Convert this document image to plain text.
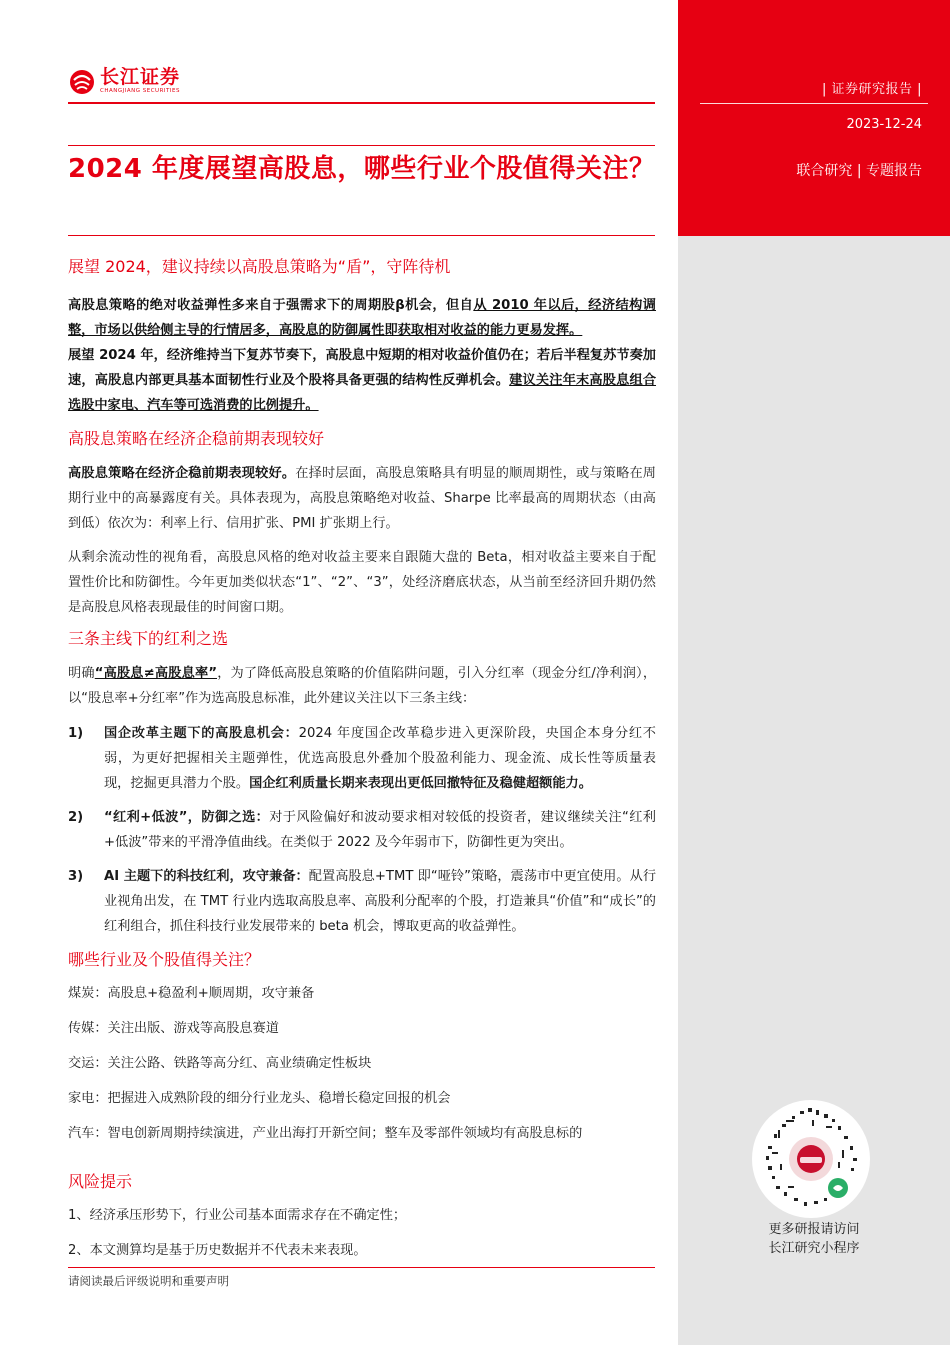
| 证券研究报告 |
2023-12-24
联合研究 | 专题报告
更多研报请访问
长江研究小程序
长江证券
CHANGJIANG SECURITIES
2024 年度展望高股息，哪些行业个股值得关注？
展望 2024，建议持续以高股息策略为“盾”，守阵待机

高股息策略的绝对收益弹性多来自于强需求下的周期股β机会，但自从 2010 年以后，经济结构调整，市场以供给侧主导的行情居多，高股息的防御属性即获取相对收益的能力更易发挥。

展望 2024 年，经济维持当下复苏节奏下，高股息中短期的相对收益价值仍在；若后半程复苏节奏加速，高股息内部更具基本面韧性行业及个股将具备更强的结构性反弹机会。建议关注年末高股息组合选股中家电、汽车等可选消费的比例提升。

高股息策略在经济企稳前期表现较好

高股息策略在经济企稳前期表现较好。在择时层面，高股息策略具有明显的顺周期性，或与策略在周期行业中的高暴露度有关。具体表现为，高股息策略绝对收益、Sharpe 比率最高的周期状态（由高到低）依次为：利率上行、信用扩张、PMI 扩张期上行。

从剩余流动性的视角看，高股息风格的绝对收益主要来自跟随大盘的 Beta，相对收益主要来自于配置性价比和防御性。今年更加类似状态“1”、“2”、“3”，处经济磨底状态，从当前至经济回升期仍然是高股息风格表现最佳的时间窗口期。

三条主线下的红利之选

明确“高股息≠高股息率”，为了降低高股息策略的价值陷阱问题，引入分红率（现金分红/净利润），以“股息率+分红率”作为选高股息标准，此外建议关注以下三条主线：

1)	国企改革主题下的高股息机会：2024 年度国企改革稳步进入更深阶段，央国企本身分红不弱，为更好把握相关主题弹性，优选高股息外叠加个股盈利能力、现金流、成长性等质量表现，挖掘更具潜力个股。国企红利质量长期来表现出更低回撤特征及稳健超额能力。
2)	“红利+低波”，防御之选：对于风险偏好和波动要求相对较低的投资者，建议继续关注“红利+低波”带来的平滑净值曲线。在类似于 2022 及今年弱市下，防御性更为突出。
3)	AI 主题下的科技红利，攻守兼备：配置高股息+TMT 即“哑铃”策略，震荡市中更宜使用。从行业视角出发，在 TMT 行业内选取高股息率、高股利分配率的个股，打造兼具“价值”和“成长”的红利组合，抓住科技行业发展带来的 beta 机会，博取更高的收益弹性。
哪些行业及个股值得关注？
煤炭：高股息+稳盈利+顺周期，攻守兼备
传媒：关注出版、游戏等高股息赛道
交运：关注公路、铁路等高分红、高业绩确定性板块
家电：把握进入成熟阶段的细分行业龙头、稳增长稳定回报的机会
汽车：智电创新周期持续演进，产业出海打开新空间；整车及零部件领域均有高股息标的
风险提示
1、经济承压形势下，行业公司基本面需求存在不确定性；
2、本文测算均是基于历史数据并不代表未来表现。
请阅读最后评级说明和重要声明
